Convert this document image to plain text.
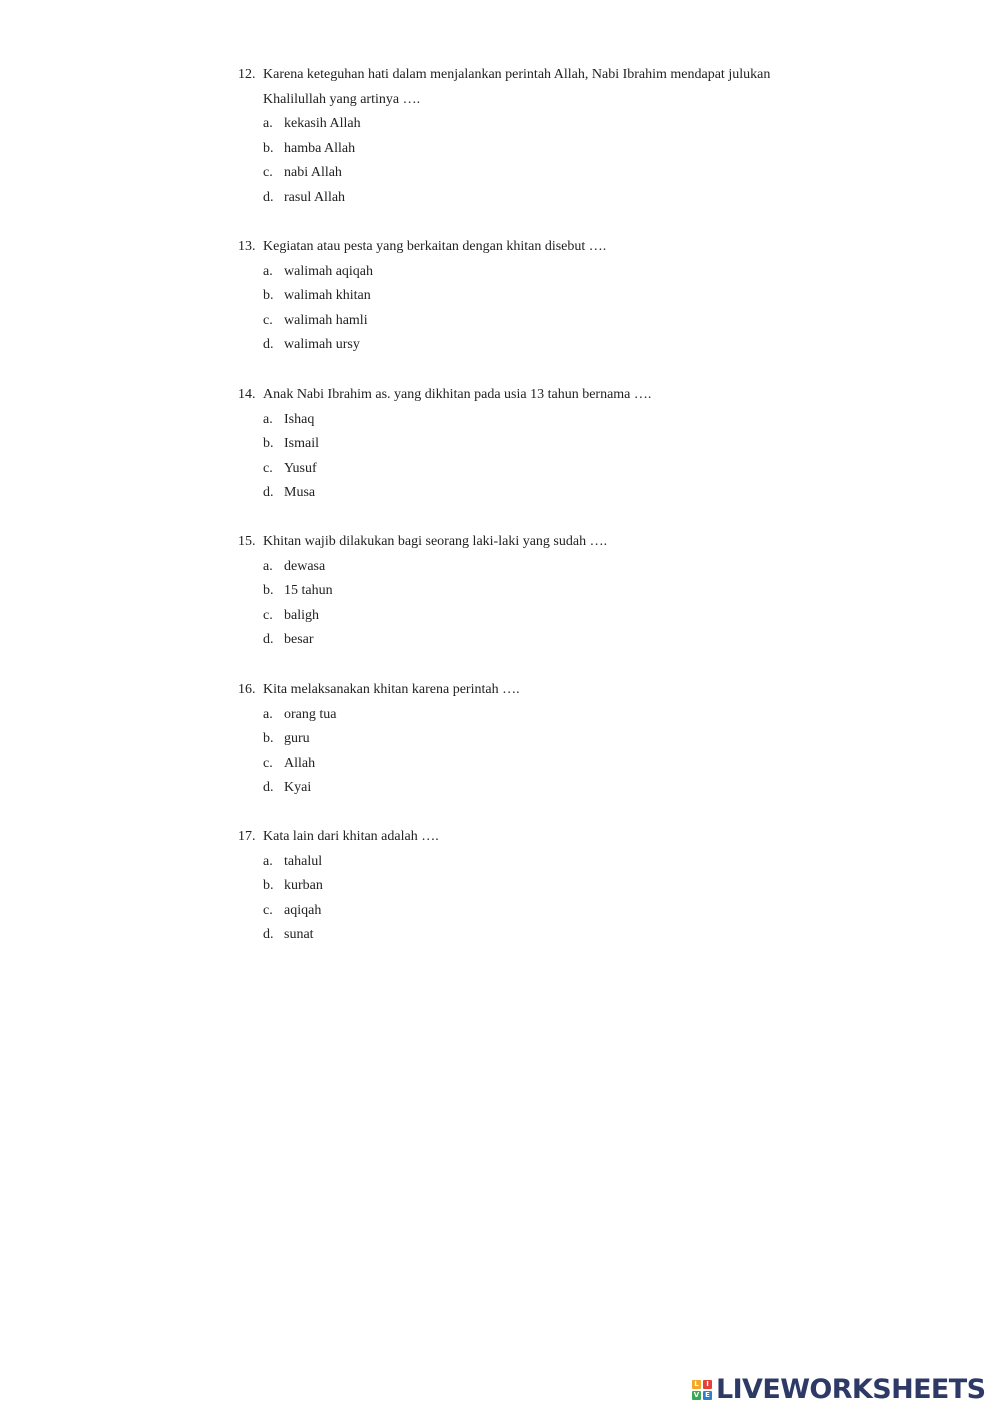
12. Karena keteguhan hati dalam menjalankan perintah Allah, Nabi Ibrahim mendapat julukan Khalilullah yang artinya ….
a. kekasih Allah
b. hamba Allah
c. nabi Allah
d. rasul Allah
13. Kegiatan atau pesta yang berkaitan dengan khitan disebut ….
a. walimah aqiqah
b. walimah khitan
c. walimah hamli
d. walimah ursy
14. Anak Nabi Ibrahim as. yang dikhitan pada usia 13 tahun bernama ….
a. Ishaq
b. Ismail
c. Yusuf
d. Musa
15. Khitan wajib dilakukan bagi seorang laki-laki yang sudah ….
a. dewasa
b. 15 tahun
c. baligh
d. besar
16. Kita melaksanakan khitan karena perintah ….
a. orang tua
b. guru
c. Allah
d. Kyai
17. Kata lain dari khitan adalah ….
a. tahalul
b. kurban
c. aqiqah
d. sunat
L	I
V E LIVEWORKSHEETS
